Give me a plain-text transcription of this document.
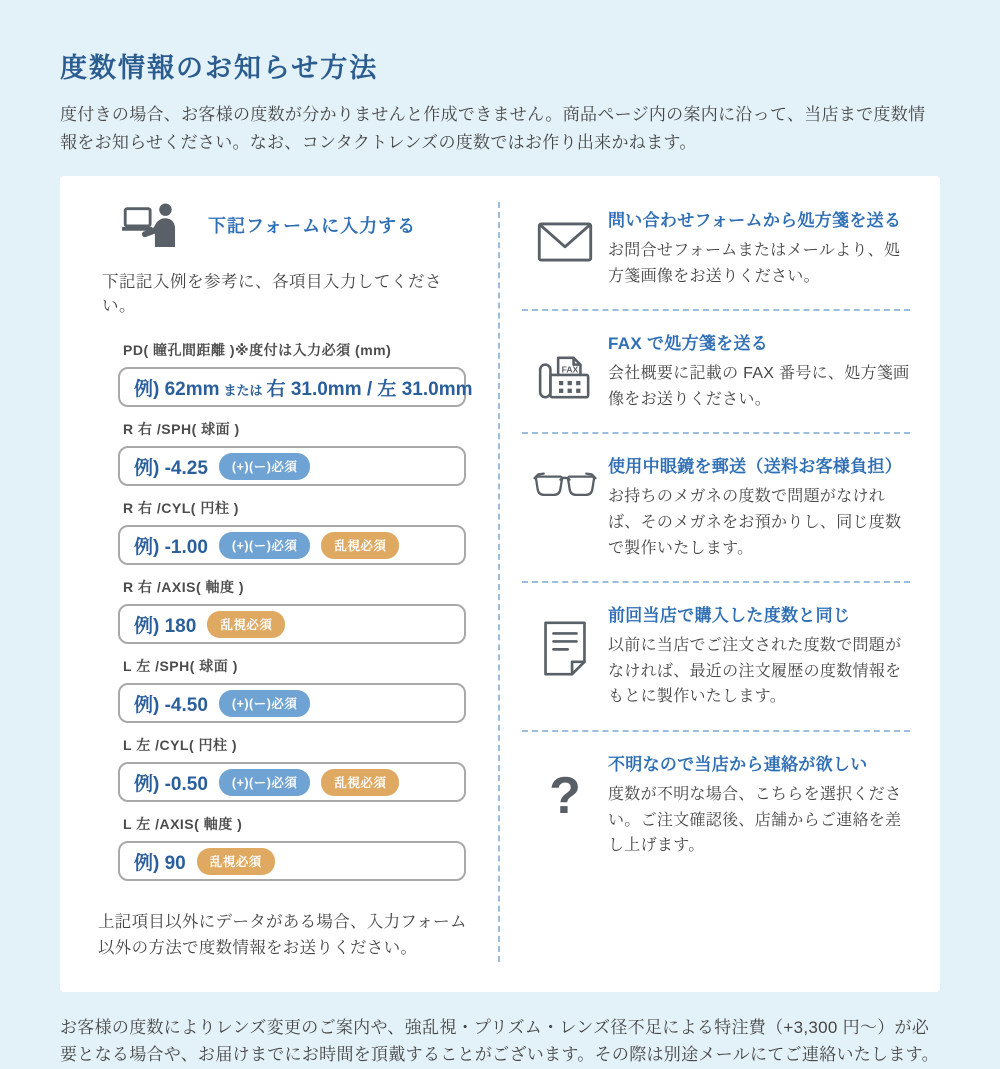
度数情報のお知らせ方法

度付きの場合、お客様の度数が分かりませんと作成できません。商品ページ内の案内に沿って、当店まで度数情報をお知らせください。なお、コンタクトレンズの度数ではお作り出来かねます。

下記フォームに入力する

下記記入例を参考に、各項目入力してください。

PD( 瞳孔間距離 )※度付は入力必須 (mm)
例) 62mm または 右 31.0mm / 左 31.0mm
R 右 /SPH( 球面 )
例) -4.25	(+)(ー)必須
R 右 /CYL( 円柱 )
例) -1.00	(+)(ー)必須	乱視必須
R 右 /AXIS( 軸度 )
例) 180	乱視必須
L 左 /SPH( 球面 )
例) -4.50	(+)(ー)必須
L 左 /CYL( 円柱 )
例) -0.50	(+)(ー)必須	乱視必須
L 左 /AXIS( 軸度 )
例) 90	乱視必須

上記項目以外にデータがある場合、入力フォーム以外の方法で度数情報をお送りください。

問い合わせフォームから処方箋を送る
お問合せフォームまたはメールより、処方箋画像をお送りください。
FAX
FAX で処方箋を送る
会社概要に記載の FAX 番号に、処方箋画像をお送りください。
使用中眼鏡を郵送（送料お客様負担）
お持ちのメガネの度数で問題がなければ、そのメガネをお預かりし、同じ度数で製作いたします。
前回当店で購入した度数と同じ
以前に当店でご注文された度数で問題がなければ、最近の注文履歴の度数情報をもとに製作いたします。
?
不明なので当店から連絡が欲しい
度数が不明な場合、こちらを選択ください。ご注文確認後、店舗からご連絡を差し上げます。

お客様の度数によりレンズ変更のご案内や、強乱視・プリズム・レンズ径不足による特注費（+3,300 円～）が必要となる場合や、お届けまでにお時間を頂戴することがございます。その際は別途メールにてご連絡いたします。
